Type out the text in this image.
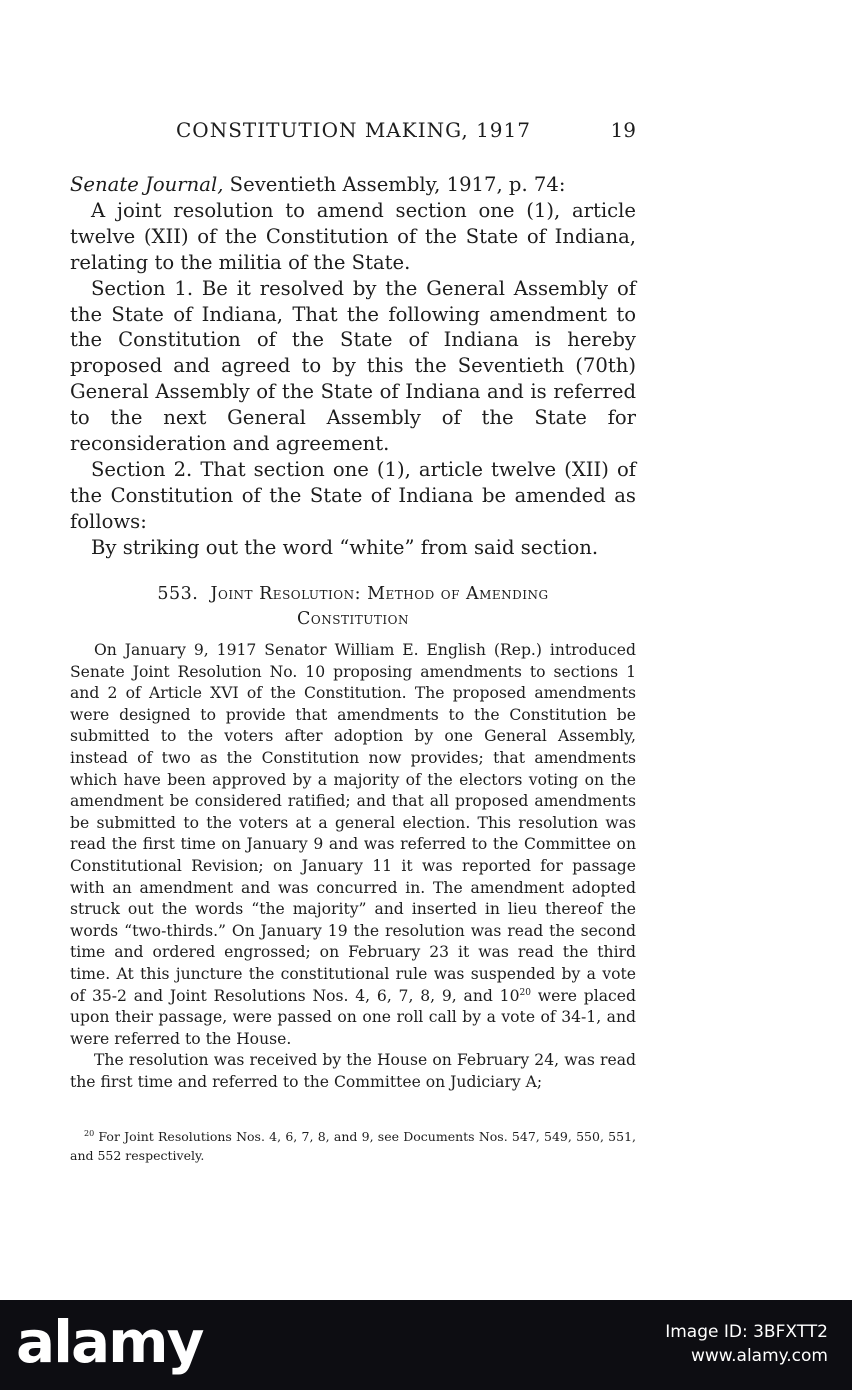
CONSTITUTION MAKING, 1917	19

Senate Journal, Seventieth Assembly, 1917, p. 74:

A joint resolution to amend section one (1), article twelve (XII) of the Constitution of the State of Indiana, relating to the militia of the State.

Section 1. Be it resolved by the General Assembly of the State of Indiana, That the following amendment to the Constitution of the State of Indiana is hereby proposed and agreed to by this the Seventieth (70th) General Assembly of the State of Indiana and is referred to the next General Assembly of the State for reconsideration and agreement.

Section 2. That section one (1), article twelve (XII) of the Constitution of the State of Indiana be amended as follows:

By striking out the word “white” from said section.

553. Joint Resolution: Method of Amending
Constitution

On January 9, 1917 Senator William E. English (Rep.) introduced Senate Joint Resolution No. 10 proposing amendments to sections 1 and 2 of Article XVI of the Constitution. The proposed amendments were designed to provide that amendments to the Constitution be submitted to the voters after adoption by one General Assembly, instead of two as the Constitution now provides; that amendments which have been approved by a majority of the electors voting on the amendment be considered ratified; and that all proposed amendments be submitted to the voters at a general election. This resolution was read the first time on January 9 and was referred to the Committee on Constitutional Revision; on January 11 it was reported for passage with an amendment and was concurred in. The amendment adopted struck out the words “the majority” and inserted in lieu thereof the words “two-thirds.” On January 19 the resolution was read the second time and ordered engrossed; on February 23 it was read the third time. At this juncture the constitutional rule was suspended by a vote of 35-2 and Joint Resolutions Nos. 4, 6, 7, 8, 9, and $10^{20}$ were placed upon their passage, were passed on one roll call by a vote of 34-1, and were referred to the House.

The resolution was received by the House on February 24, was read the first time and referred to the Committee on Judiciary A;

$^{20}$ For Joint Resolutions Nos. 4, 6, 7, 8, and 9, see Documents Nos. 547, 549, 550, 551, and 552 respectively.
alamy	Image ID: 3BFXTT2
www.alamy.com
